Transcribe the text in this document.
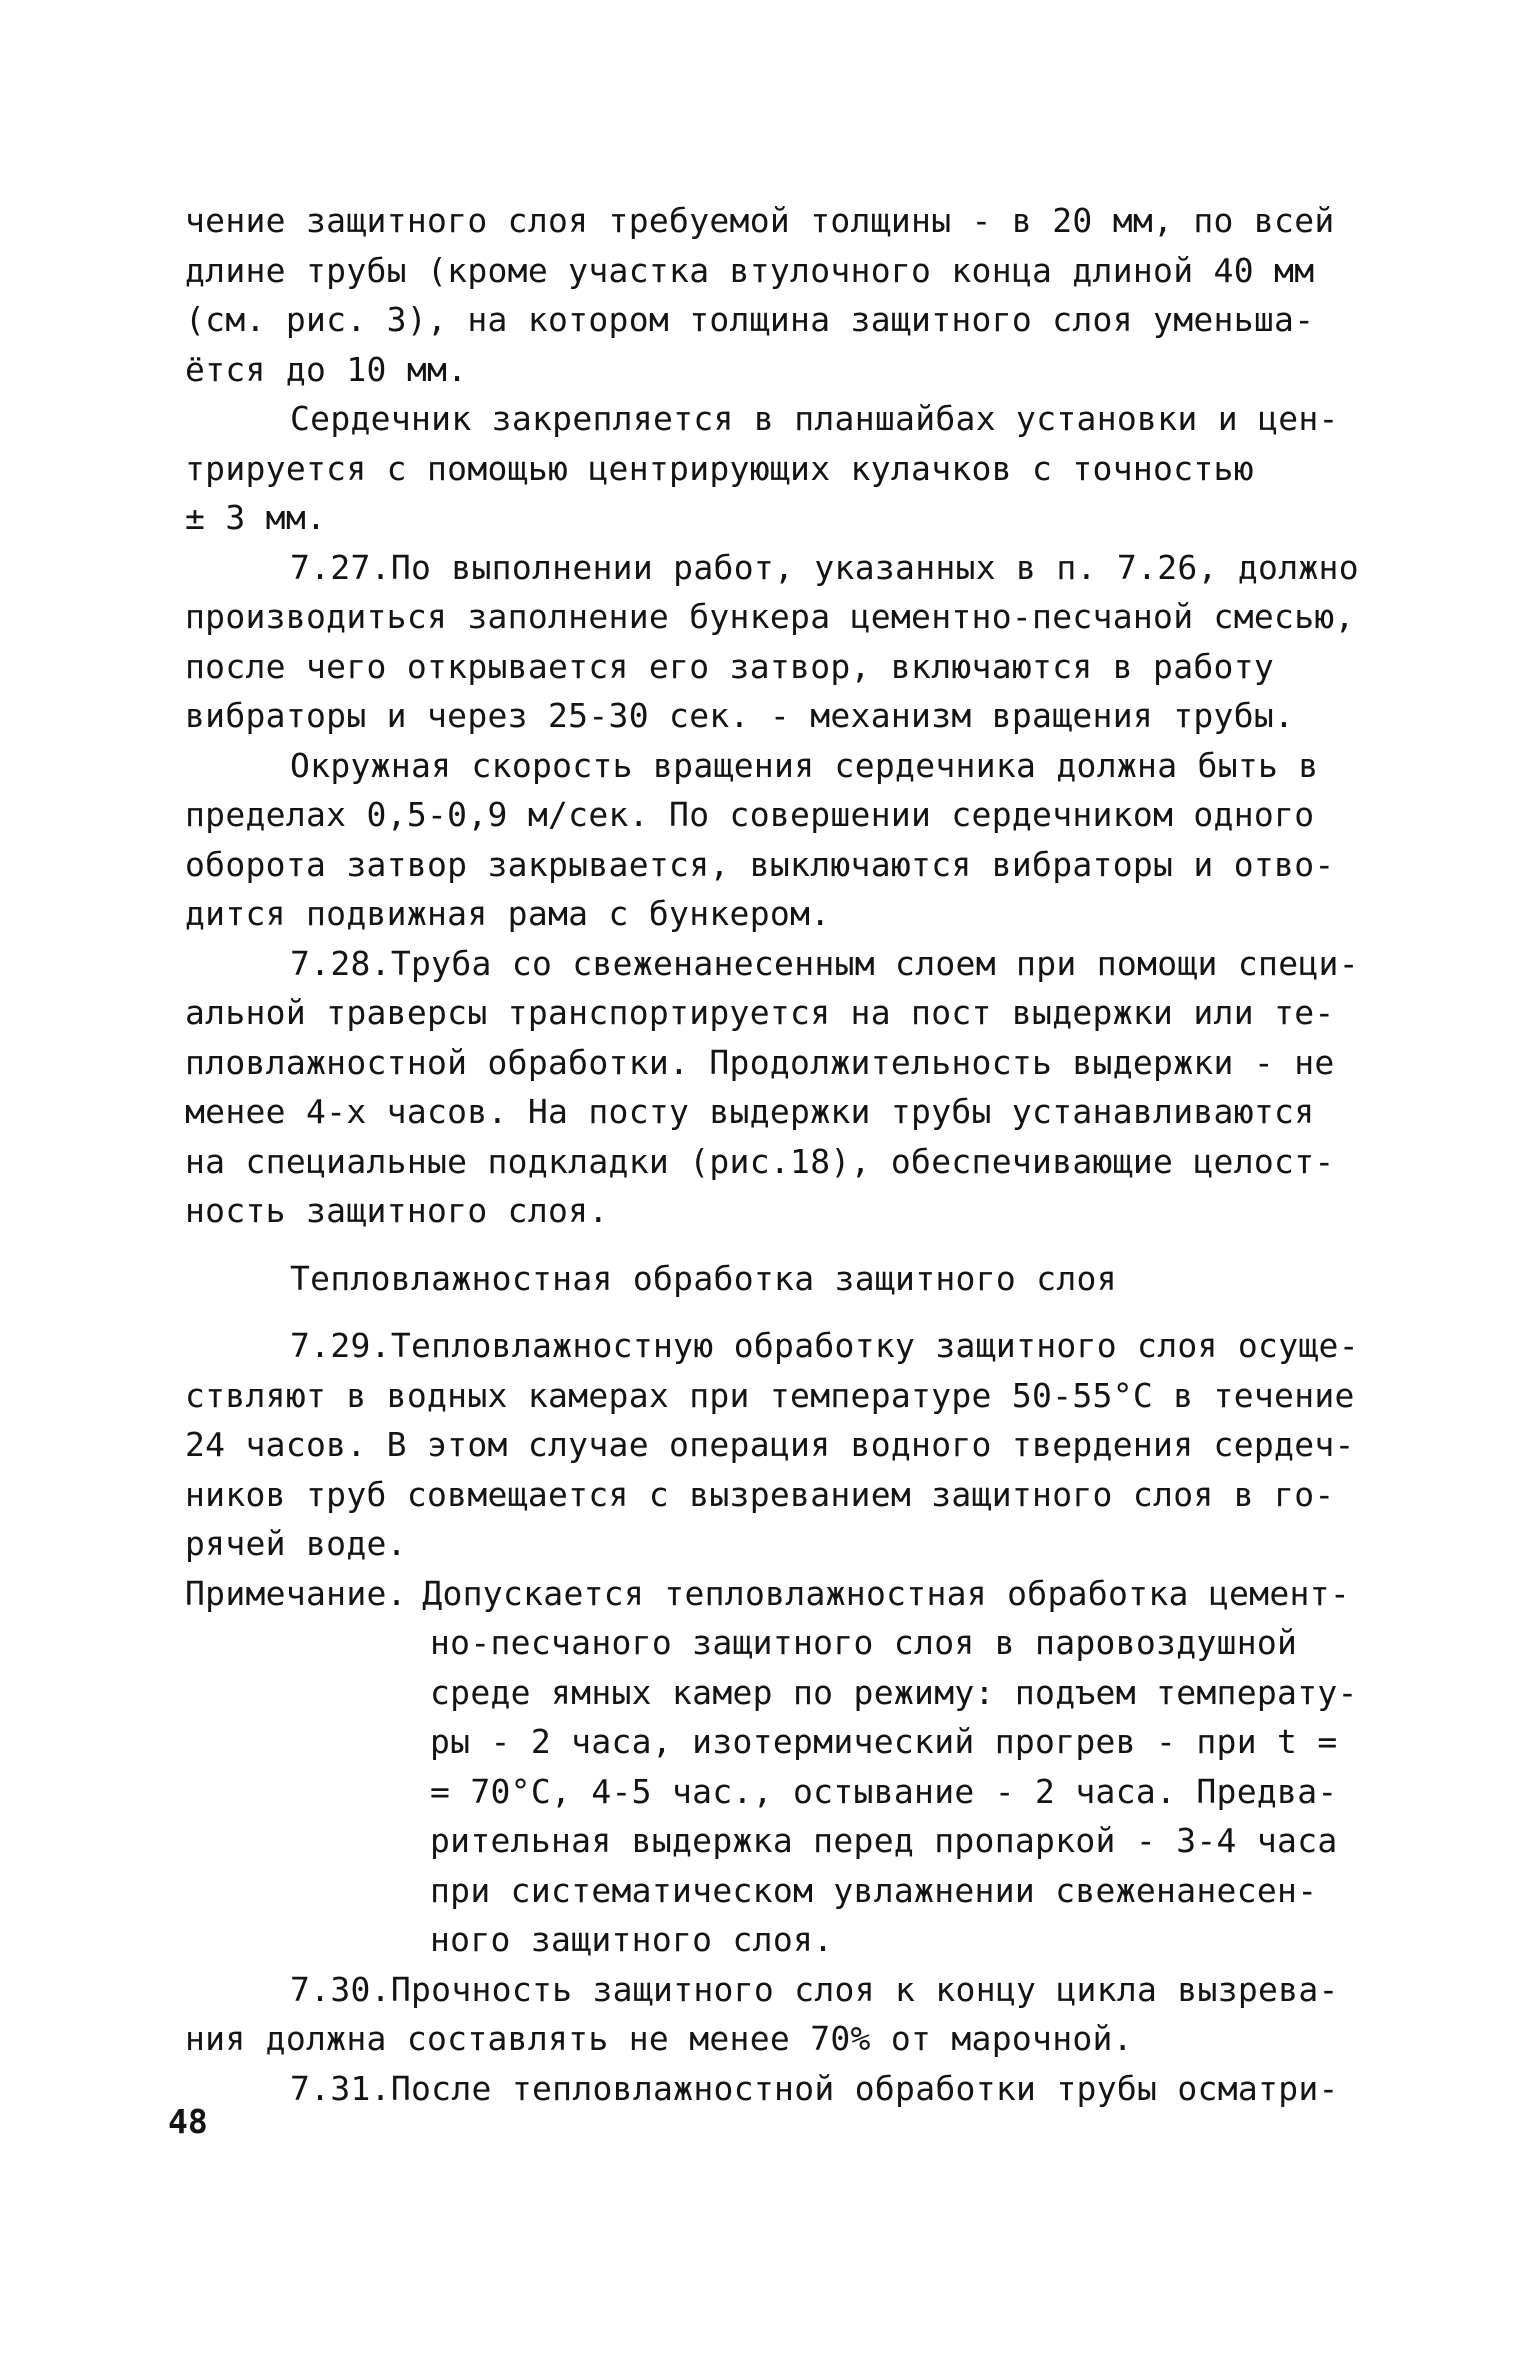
чение защитного слоя требуемой толщины - в 20 мм, по всей
длине трубы (кроме участка втулочного конца длиной 40 мм
(см. рис. 3), на котором толщина защитного слоя уменьша-
ётся до 10 мм.
Сердечник закрепляется в планшайбах установки и цен-
трируется с помощью центрирующих кулачков с точностью
± 3 мм.
7.27.По выполнении работ, указанных в п. 7.26, должно
производиться заполнение бункера цементно-песчаной смесью,
после чего открывается его затвор, включаются в работу
вибраторы и через 25-30 сек. - механизм вращения трубы.
Окружная скорость вращения сердечника должна быть в
пределах 0,5-0,9 м/сек. По совершении сердечником одного
оборота затвор закрывается, выключаются вибраторы и отво-
дится подвижная рама с бункером.
7.28.Труба со свеженанесенным слоем при помощи специ-
альной траверсы транспортируется на пост выдержки или те-
пловлажностной обработки. Продолжительность выдержки - не
менее 4-х часов. На посту выдержки трубы устанавливаются
на специальные подкладки (рис.18), обеспечивающие целост-
ность защитного слоя.
Тепловлажностная обработка защитного слоя
7.29.Тепловлажностную обработку защитного слоя осуще-
ствляют в водных камерах при температуре 50-55°С в течение
24 часов. В этом случае операция водного твердения сердеч-
ников труб совмещается с вызреванием защитного слоя в го-
рячей воде.
Примечание. Допускается тепловлажностная обработка цемент-
но-песчаного защитного слоя в паровоздушной
среде ямных камер по режиму: подъем температу-
ры - 2 часа, изотермический прогрев - при t =
= 70°С, 4-5 час., остывание - 2 часа. Предва-
рительная выдержка перед пропаркой - 3-4 часа
при систематическом увлажнении свеженанесен-
ного защитного слоя.
7.30.Прочность защитного слоя к концу цикла вызрева-
ния должна составлять не менее 70% от марочной.
7.31.После тепловлажностной обработки трубы осматри-
48
